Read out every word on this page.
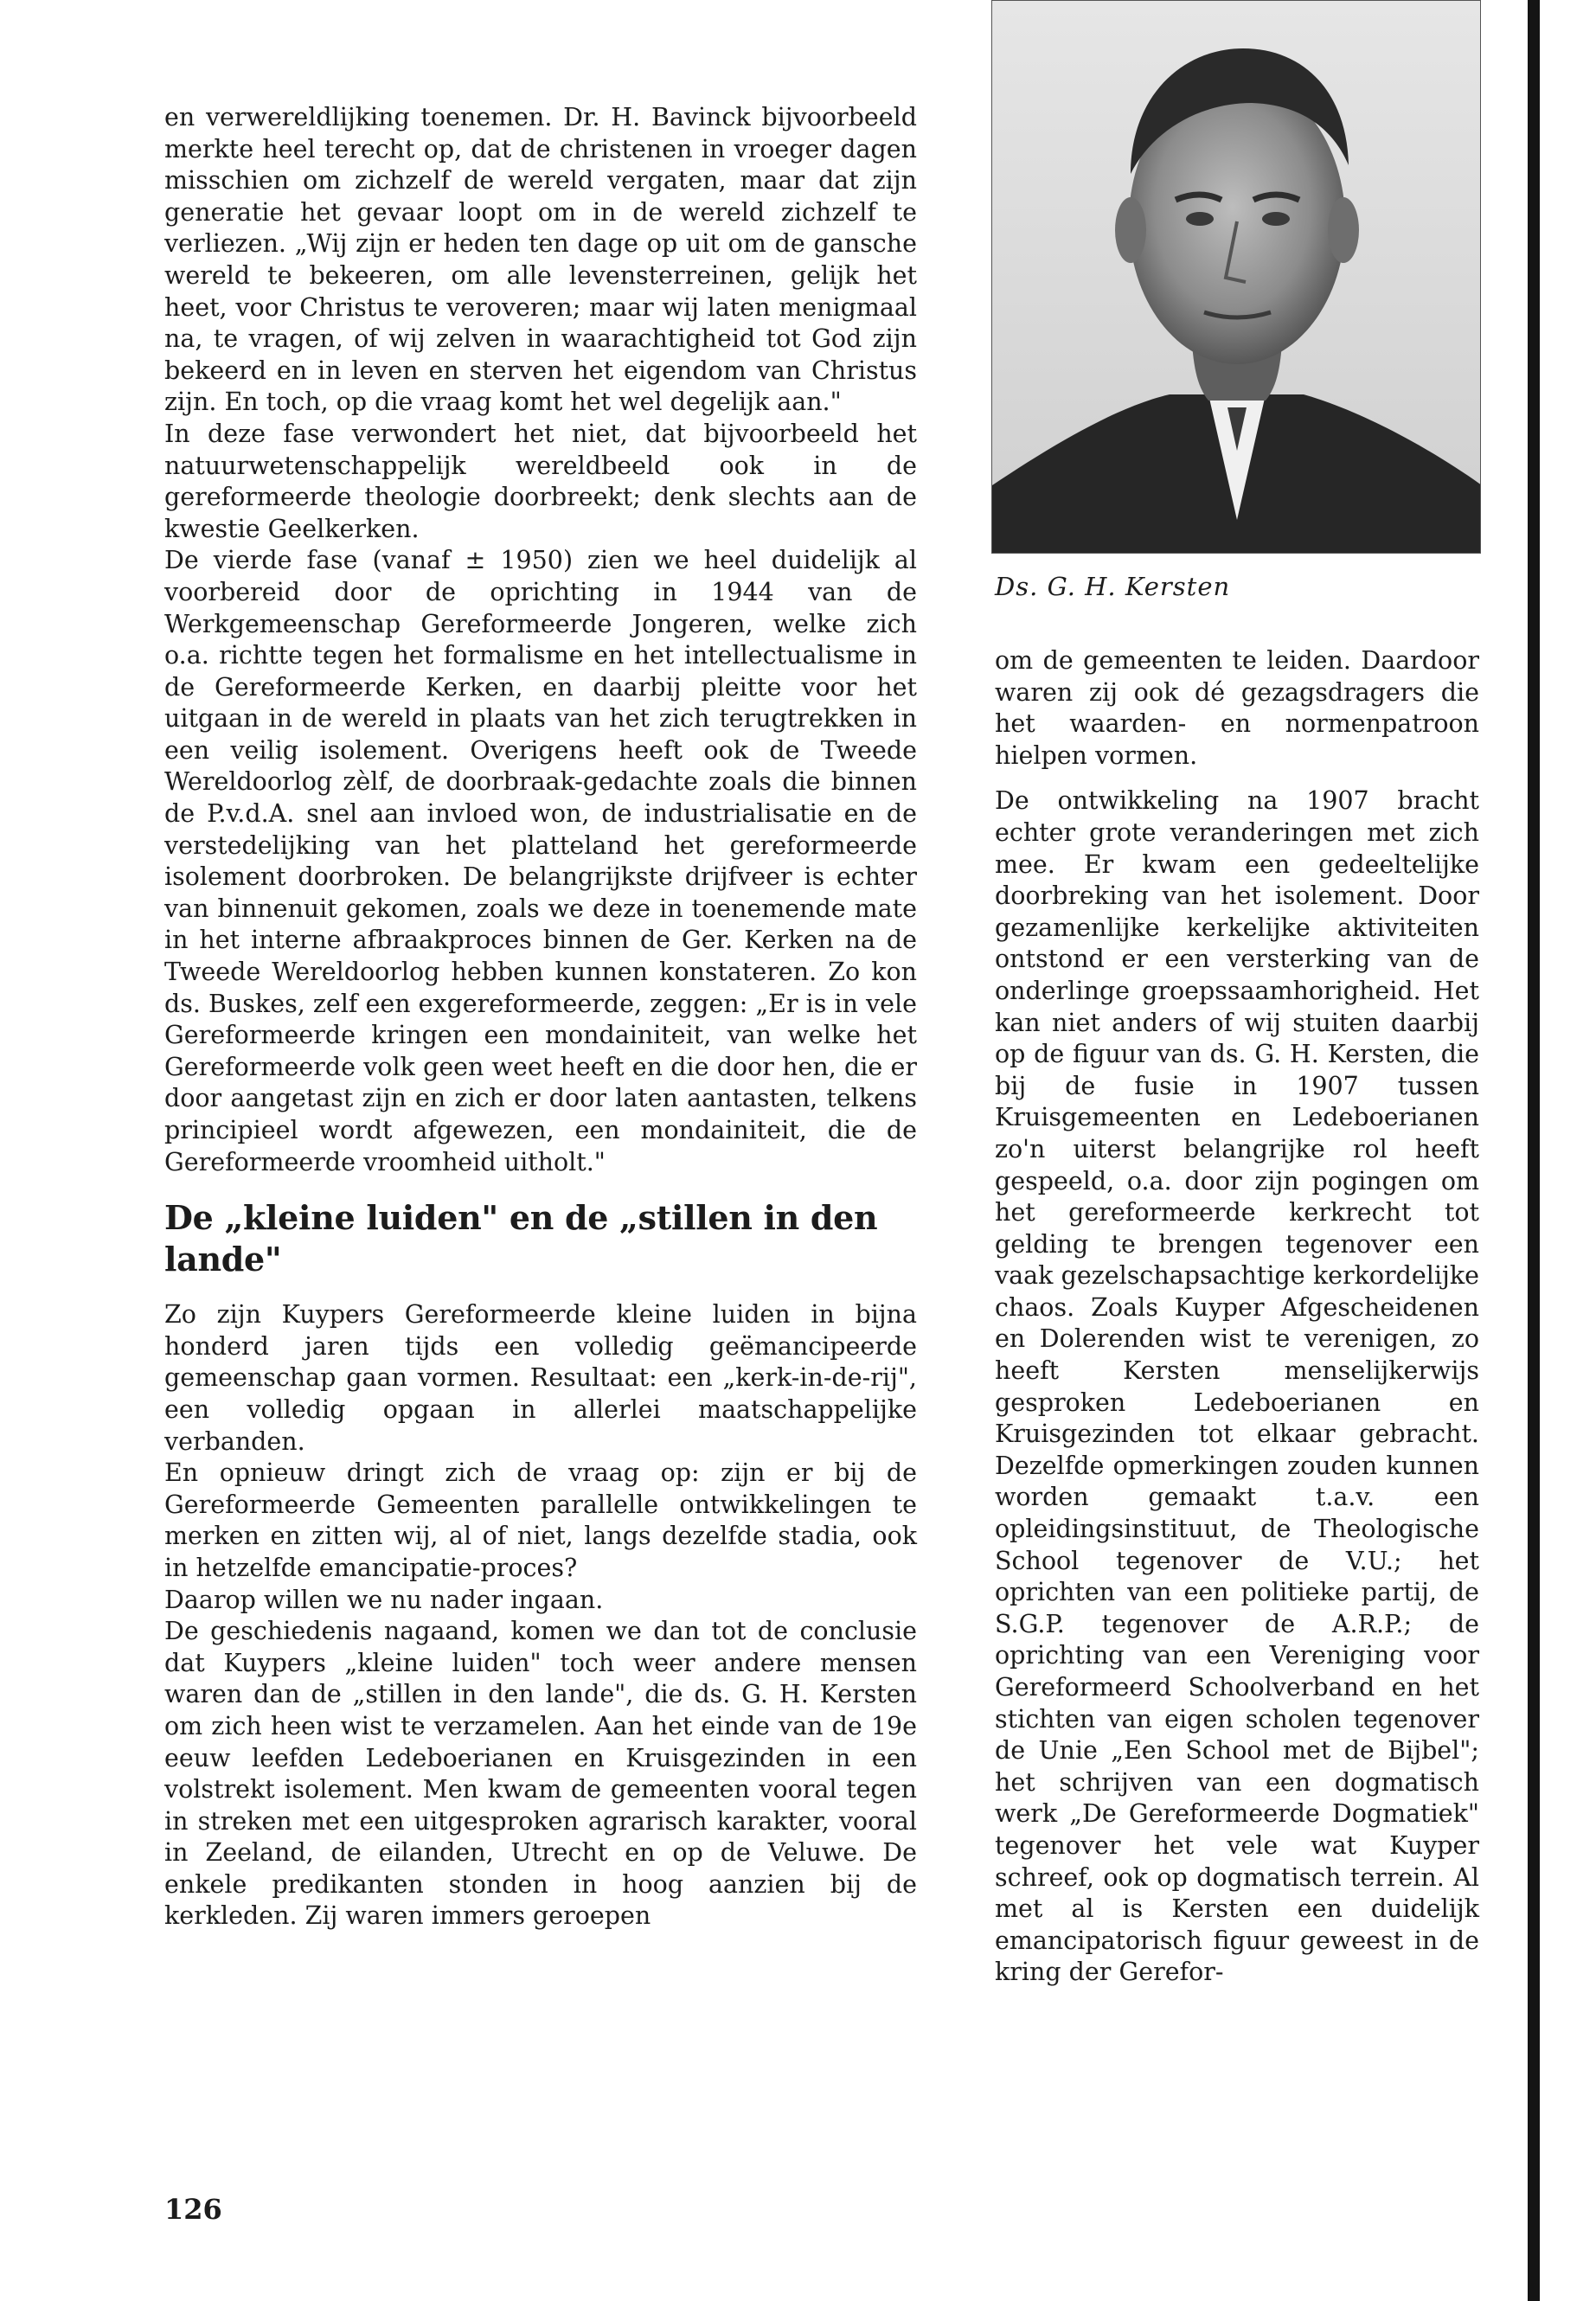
en verwereldlijking toenemen. Dr. H. Bavinck bijvoorbeeld merkte heel terecht op, dat de christenen in vroeger dagen misschien om zichzelf de wereld vergaten, maar dat zijn generatie het gevaar loopt om in de wereld zichzelf te verliezen. „Wij zijn er heden ten dage op uit om de gansche wereld te bekeeren, om alle levensterreinen, gelijk het heet, voor Christus te veroveren; maar wij laten menigmaal na, te vragen, of wij zelven in waarachtigheid tot God zijn bekeerd en in leven en sterven het eigendom van Christus zijn. En toch, op die vraag komt het wel degelijk aan."

In deze fase verwondert het niet, dat bijvoorbeeld het natuurwetenschappelijk wereldbeeld ook in de gereformeerde theologie doorbreekt; denk slechts aan de kwestie Geelkerken.

De vierde fase (vanaf ± 1950) zien we heel duidelijk al voorbereid door de oprichting in 1944 van de Werkgemeenschap Gereformeerde Jongeren, welke zich o.a. richtte tegen het formalisme en het intellectualisme in de Gereformeerde Kerken, en daarbij pleitte voor het uitgaan in de wereld in plaats van het zich terugtrekken in een veilig isolement. Overigens heeft ook de Tweede Wereldoorlog zèlf, de doorbraak-gedachte zoals die binnen de P.v.d.A. snel aan invloed won, de industrialisatie en de verstedelijking van het platteland het gereformeerde isolement doorbroken. De belangrijkste drijfveer is echter van binnenuit gekomen, zoals we deze in toenemende mate in het interne afbraakproces binnen de Ger. Kerken na de Tweede Wereldoorlog hebben kunnen konstateren. Zo kon ds. Buskes, zelf een exgereformeerde, zeggen: „Er is in vele Gereformeerde kringen een mondainiteit, van welke het Gereformeerde volk geen weet heeft en die door hen, die er door aangetast zijn en zich er door laten aantasten, telkens principieel wordt afgewezen, een mondainiteit, die de Gereformeerde vroomheid uitholt."

De „kleine luiden" en de „stillen in den lande"

Zo zijn Kuypers Gereformeerde kleine luiden in bijna honderd jaren tijds een volledig geëmancipeerde gemeenschap gaan vormen. Resultaat: een „kerk-in-de-rij", een volledig opgaan in allerlei maatschappelijke verbanden.

En opnieuw dringt zich de vraag op: zijn er bij de Gereformeerde Gemeenten parallelle ontwikkelingen te merken en zitten wij, al of niet, langs dezelfde stadia, ook in hetzelfde emancipatie-proces?

Daarop willen we nu nader ingaan.

De geschiedenis nagaand, komen we dan tot de conclusie dat Kuypers „kleine luiden" toch weer andere mensen waren dan de „stillen in den lande", die ds. G. H. Kersten om zich heen wist te verzamelen. Aan het einde van de 19e eeuw leefden Ledeboerianen en Kruisgezinden in een volstrekt isolement. Men kwam de gemeenten vooral tegen in streken met een uitgesproken agrarisch karakter, vooral in Zeeland, de eilanden, Utrecht en op de Veluwe. De enkele predikanten stonden in hoog aanzien bij de kerkleden. Zij waren immers geroepen

Ds. G. H. Kersten

om de gemeenten te leiden. Daardoor waren zij ook dé gezagsdragers die het waarden- en normenpatroon hielpen vormen.

De ontwikkeling na 1907 bracht echter grote veranderingen met zich mee. Er kwam een gedeeltelijke doorbreking van het isolement. Door gezamenlijke kerkelijke aktiviteiten ontstond er een versterking van de onderlinge groepssaamhorigheid. Het kan niet anders of wij stuiten daarbij op de figuur van ds. G. H. Kersten, die bij de fusie in 1907 tussen Kruisgemeenten en Ledeboerianen zo'n uiterst belangrijke rol heeft gespeeld, o.a. door zijn pogingen om het gereformeerde kerkrecht tot gelding te brengen tegenover een vaak gezelschapsachtige kerkordelijke chaos. Zoals Kuyper Afgescheidenen en Dolerenden wist te verenigen, zo heeft Kersten menselijkerwijs gesproken Ledeboerianen en Kruisgezinden tot elkaar gebracht. Dezelfde opmerkingen zouden kunnen worden gemaakt t.a.v. een opleidingsinstituut, de Theologische School tegenover de V.U.; het oprichten van een politieke partij, de S.G.P. tegenover de A.R.P.; de oprichting van een Vereniging voor Gereformeerd Schoolverband en het stichten van eigen scholen tegenover de Unie „Een School met de Bijbel"; het schrijven van een dogmatisch werk „De Gereformeerde Dogmatiek" tegenover het vele wat Kuyper schreef, ook op dogmatisch terrein. Al met al is Kersten een duidelijk emancipatorisch figuur geweest in de kring der Gerefor-

126
